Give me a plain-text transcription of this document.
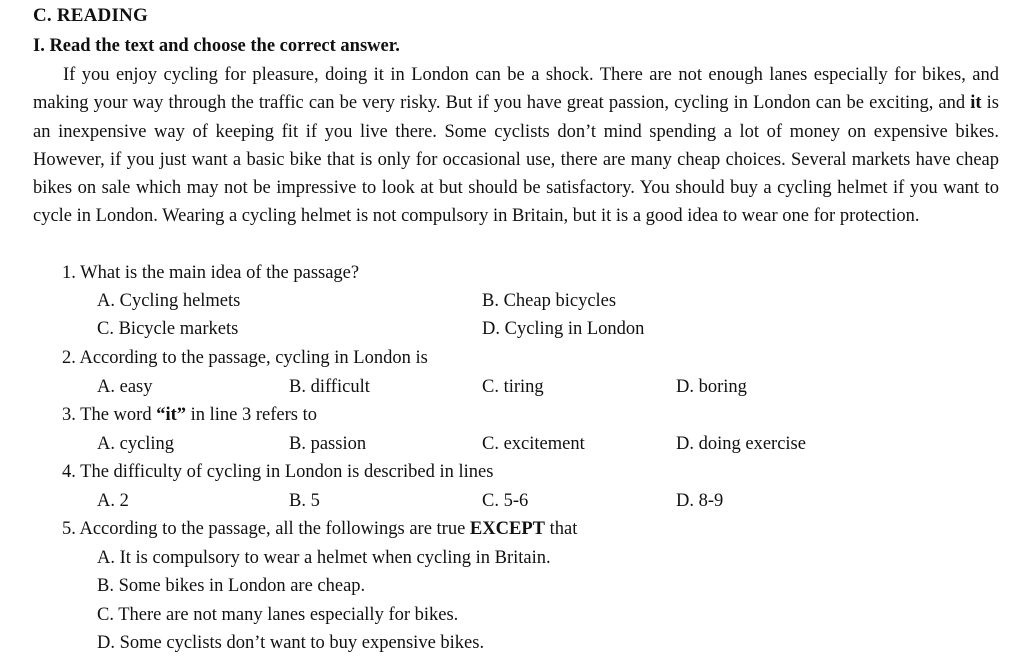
C. READING
I. Read the text and choose the correct answer.
If you enjoy cycling for pleasure, doing it in London can be a shock. There are not enough lanes especially for bikes, and making your way through the traffic can be very risky. But if you have great passion, cycling in London can be exciting, and it is an inexpensive way of keeping fit if you live there. Some cyclists don’t mind spending a lot of money on expensive bikes. However, if you just want a basic bike that is only for occasional use, there are many cheap choices. Several markets have cheap bikes on sale which may not be impressive to look at but should be satisfactory. You should buy a cycling helmet if you want to cycle in London. Wearing a cycling helmet is not compulsory in Britain, but it is a good idea to wear one for protection.
1. What is the main idea of the passage?
A. Cycling helmets	B. Cheap bicycles
C. Bicycle markets	D. Cycling in London
2. According to the passage, cycling in London is
A. easy	B. difficult	C. tiring	D. boring
3. The word “it” in line 3 refers to
A. cycling	B. passion	C. excitement	D. doing exercise
4. The difficulty of cycling in London is described in lines
A. 2	B. 5	C. 5-6	D. 8-9
5. According to the passage, all the followings are true EXCEPT that
A. It is compulsory to wear a helmet when cycling in Britain.
B. Some bikes in London are cheap.
C. There are not many lanes especially for bikes.
D. Some cyclists don’t want to buy expensive bikes.
